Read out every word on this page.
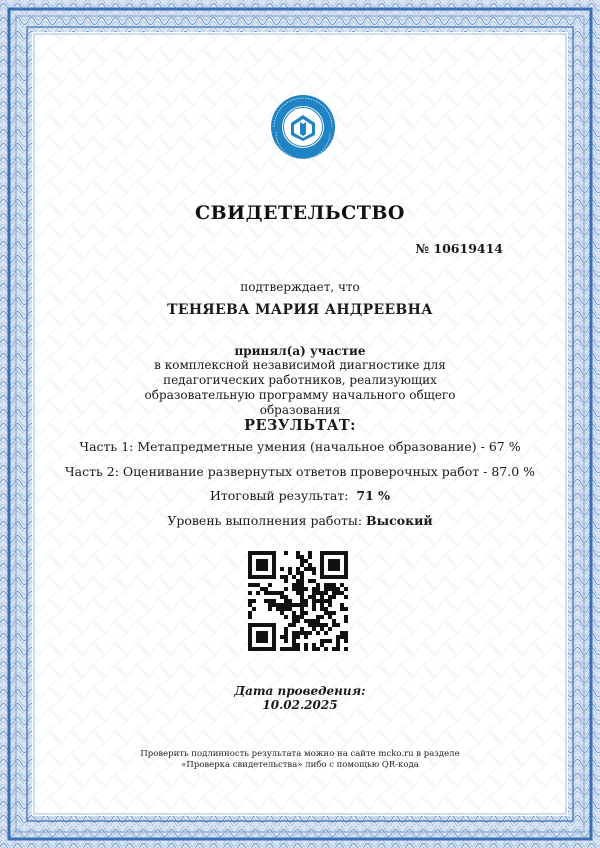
СВИДЕТЕЛЬСТВО
№ 10619414
подтверждает, что
ТЕНЯЕВА МАРИЯ АНДРЕЕВНА
принял(а) участие
в комплексной независимой диагностике для педагогических работников, реализующих образовательную программу начального общего образования
РЕЗУЛЬТАТ:
Часть 1: Метапредметные умения (начальное образование) - 67 %
Часть 2: Оценивание развернутых ответов проверочных работ - 87.0 %
Итоговый результат: 71 %
Уровень выполнения работы: Высокий
Дата проведения:
10.02.2025
Проверить подлинность результата можно на сайте mcko.ru в разделе
«Проверка свидетельства» либо с помощью QR-кода
